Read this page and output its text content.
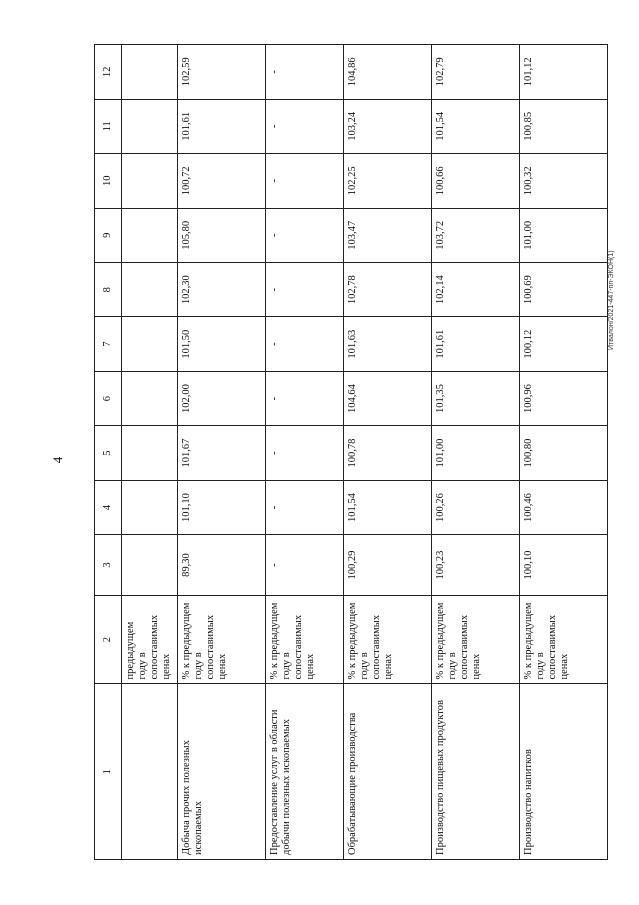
4
Итвалон/2021-447-пп-ЭКОН(1)
1	2	3	4	5	6	7	8	9	10	11	12
	предыдущем году в сопоставимых ценах										
Добыча прочих полезных ископаемых	% к предыдущем году в сопоставимых ценах	89,30	101,10	101,67	102,00	101,50	102,30	105,80	100,72	101,61	102,59
Предоставление услуг в области добычи полезных ископаемых	% к предыдущем году в сопоставимых ценах	-	-	-	-	-	-	-	-	-	-
Обрабатывающие производства	% к предыдущем году в сопоставимых ценах	100,29	101,54	100,78	104,64	101,63	102,78	103,47	102,25	103,24	104,86
Производство пищевых продуктов	% к предыдущем году в сопоставимых ценах	100,23	100,26	101,00	101,35	101,61	102,14	103,72	100,66	101,54	102,79
Производство напитков	% к предыдущем году в сопоставимых ценах	100,10	100,46	100,80	100,96	100,12	100,69	101,00	100,32	100,85	101,12
